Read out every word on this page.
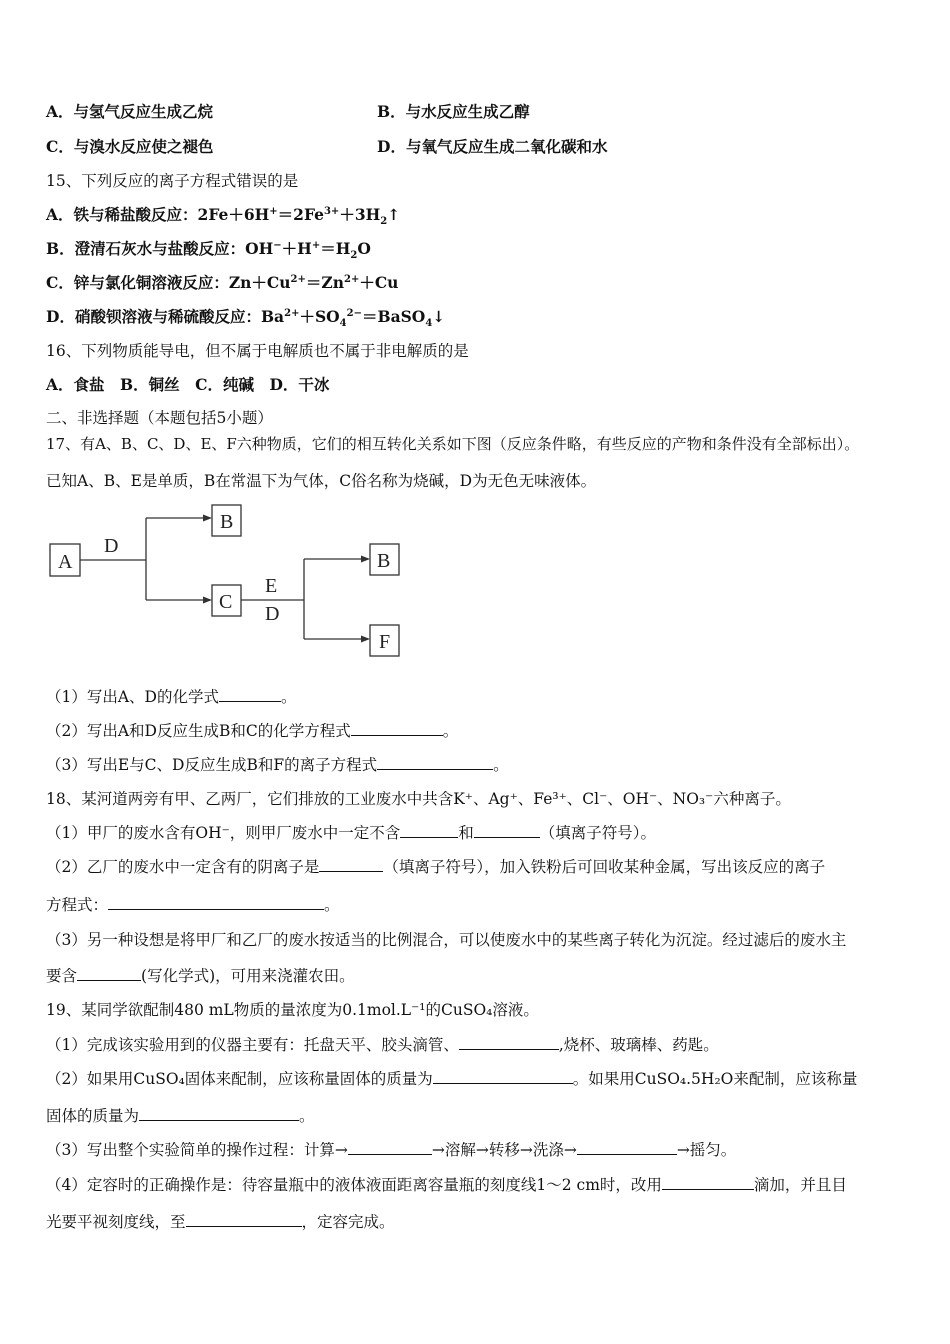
A．与氢气反应生成乙烷	B．与水反应生成乙醇
C．与溴水反应使之褪色	D．与氧气反应生成二氧化碳和水
15、下列反应的离子方程式错误的是
A．铁与稀盐酸反应：$2Fe+6H^+=2Fe^{3+}+3H_2↑$
B．澄清石灰水与盐酸反应：$OH^-+H^+=H_2O$
C．锌与氯化铜溶液反应：$Zn+Cu^{2+}=Zn^{2+}+Cu$
D．硝酸钡溶液与稀硫酸反应：$Ba^{2+}+SO_4^{2-}=BaSO_4↓$
16、下列物质能导电，但不属于电解质也不属于非电解质的是
A．食盐　B．铜丝　C．纯碱　D．干冰
二、非选择题（本题包括5小题）
17、有A、B、C、D、E、F六种物质，它们的相互转化关系如下图（反应条件略，有些反应的产物和条件没有全部标出）。
已知A、B、E是单质，B在常温下为气体，C俗名称为烧碱，D为无色无味液体。
A
B
C
B
F
D
E
D
（1）写出A、D的化学式	。
（2）写出A和D反应生成B和C的化学方程式	。
（3）写出E与C、D反应生成B和F的离子方程式	。
18、某河道两旁有甲、乙两厂，它们排放的工业废水中共含K⁺、Ag⁺、Fe³⁺、Cl⁻、OH⁻、NO₃⁻六种离子。
（1）甲厂的废水含有OH⁻，则甲厂废水中一定不含	和	（填离子符号）。
（2）乙厂的废水中一定含有的阴离子是	（填离子符号），加入铁粉后可回收某种金属，写出该反应的离子
方程式：	。
（3）另一种设想是将甲厂和乙厂的废水按适当的比例混合，可以使废水中的某些离子转化为沉淀。经过滤后的废水主
要含	(写化学式)，可用来浇灌农田。
19、某同学欲配制480 mL物质的量浓度为0.1mol.L⁻¹的CuSO₄溶液。
（1）完成该实验用到的仪器主要有：托盘天平、胶头滴管、	,烧杯、玻璃棒、药匙。
（2）如果用CuSO₄固体来配制，应该称量固体的质量为	。如果用CuSO₄.5H₂O来配制，应该称量
固体的质量为	。
（3）写出整个实验简单的操作过程：计算→	→溶解→转移→洗涤→	→摇匀。
（4）定容时的正确操作是：待容量瓶中的液体液面距离容量瓶的刻度线1～2 cm时，改用	滴加，并且目
光要平视刻度线，至	，定容完成。
